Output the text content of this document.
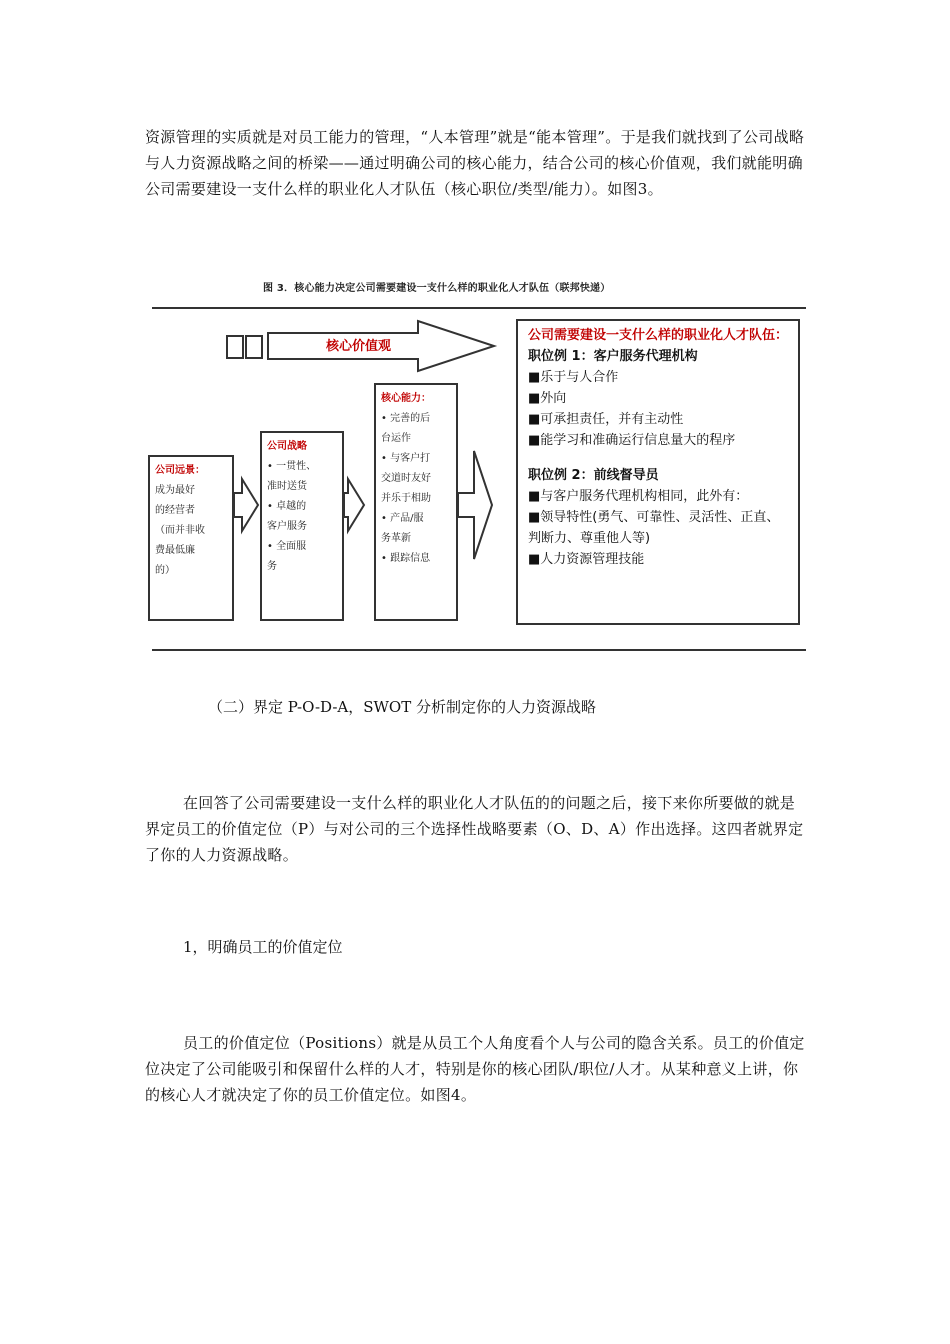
资源管理的实质就是对员工能力的管理，“人本管理”就是“能本管理”。于是我们就找到了公司战略与人力资源战略之间的桥梁——通过明确公司的核心能力，结合公司的核心价值观，我们就能明确公司需要建设一支什么样的职业化人才队伍（核心职位/类型/能力）。如图3。

图 3．核心能力决定公司需要建设一支什么样的职业化人才队伍（联邦快递）
核心价值观
公司远景：
成为最好
的经营者
（而并非收
费最低廉
的）
公司战略
• 一贯性、
准时送货
• 卓越的
客户服务
• 全面服
务
核心能力：
• 完善的后
台运作
• 与客户打
交道时友好
并乐于相助
• 产品/服
务革新
• 跟踪信息
公司需要建设一支什么样的职业化人才队伍：
职位例 1：客户服务代理机构
■乐于与人合作
■外向
■可承担责任，并有主动性
■能学习和准确运行信息量大的程序
职位例 2：前线督导员
■与客户服务代理机构相同，此外有：
■领导特性(勇气、可靠性、灵活性、正直、判断力、尊重他人等)
■人力资源管理技能

（二）界定 P-O-D-A，SWOT 分析制定你的人力资源战略

在回答了公司需要建设一支什么样的职业化人才队伍的的问题之后，接下来你所要做的就是界定员工的价值定位（P）与对公司的三个选择性战略要素（O、D、A）作出选择。这四者就界定了你的人力资源战略。

1，明确员工的价值定位

员工的价值定位（Positions）就是从员工个人角度看个人与公司的隐含关系。员工的价值定位决定了公司能吸引和保留什么样的人才，特别是你的核心团队/职位/人才。从某种意义上讲，你的核心人才就决定了你的员工价值定位。如图4。
